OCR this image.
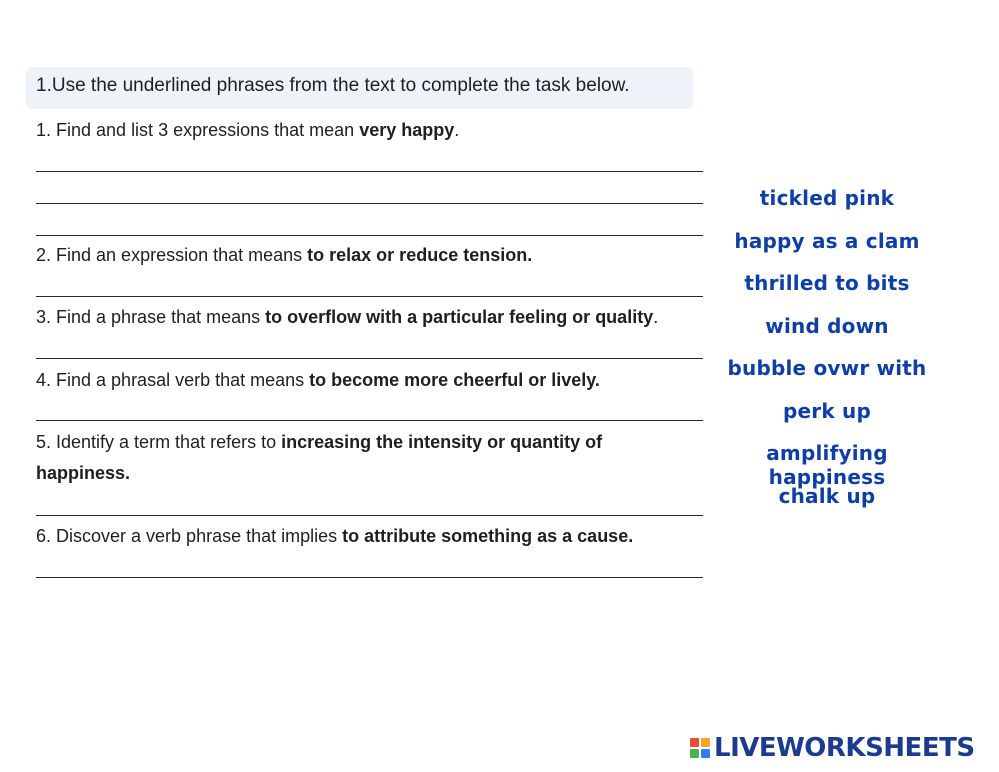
1.Use the underlined phrases from the text to complete the task below.
1. Find and list 3 expressions that mean very happy.
2. Find an expression that means to relax or reduce tension.
3. Find a phrase that means to overflow with a particular feeling or quality.
4. Find a phrasal verb that means to become more cheerful or lively.
5. Identify a term that refers to increasing the intensity or quantity of happiness.
6. Discover a verb phrase that implies to attribute something as a cause.
tickled pink
happy as a clam
thrilled to bits
wind down
bubble ovwr with
perk up
amplifying happiness
chalk up
LIVEWORKSHEETS
